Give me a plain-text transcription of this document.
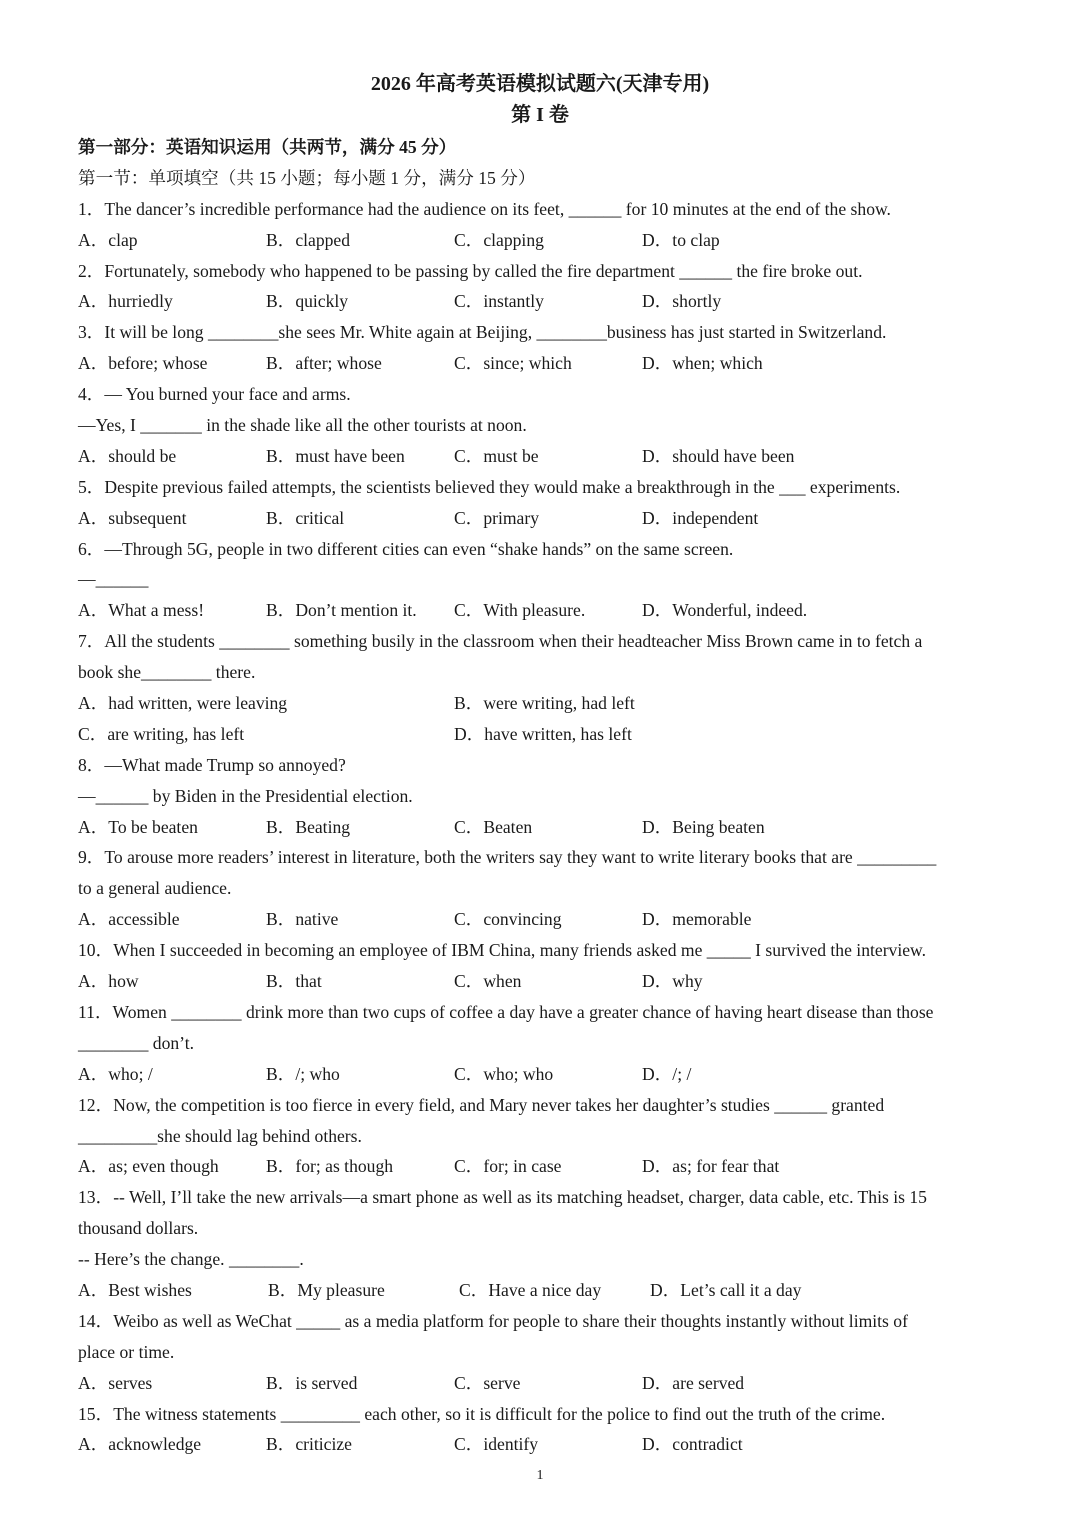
2026 年高考英语模拟试题六(天津专用)
第 I 卷
第一部分：英语知识运用（共两节，满分 45 分）
第一节：单项填空（共 15 小题；每小题 1 分，满分 15 分）
1．The dancer’s incredible performance had the audience on its feet, ______ for 10 minutes at the end of the show.
A．clap	B．clapped	C．clapping	D．to clap
2．Fortunately, somebody who happened to be passing by called the fire department ______ the fire broke out.
A．hurriedly	B．quickly	C．instantly	D．shortly
3．It will be long ________she sees Mr. White again at Beijing, ________business has just started in Switzerland.
A．before; whose	B．after; whose	C．since; which	D．when; which
4．— You burned your face and arms.
—Yes, I _______ in the shade like all the other tourists at noon.
A．should be	B．must have been	C．must be	D．should have been
5．Despite previous failed attempts, the scientists believed they would make a breakthrough in the ___ experiments.
A．subsequent	B．critical	C．primary	D．independent
6．—Through 5G, people in two different cities can even “shake hands” on the same screen.
—______
A．What a mess!	B．Don’t mention it.	C．With pleasure.	D．Wonderful, indeed.
7．All the students ________ something busily in the classroom when their headteacher Miss Brown came in to fetch a
book she________ there.
A．had written, were leaving	B．were writing, had left
C．are writing, has left	D．have written, has left
8．—What made Trump so annoyed?
—______ by Biden in the Presidential election.
A．To be beaten	B．Beating	C．Beaten	D．Being beaten
9．To arouse more readers’ interest in literature, both the writers say they want to write literary books that are _________
to a general audience.
A．accessible	B．native	C．convincing	D．memorable
10．When I succeeded in becoming an employee of IBM China, many friends asked me _____ I survived the interview.
A．how	B．that	C．when	D．why
11．Women ________ drink more than two cups of coffee a day have a greater chance of having heart disease than those
________ don’t.
A．who; /	B．/; who	C．who; who	D．/; /
12．Now, the competition is too fierce in every field, and Mary never takes her daughter’s studies ______ granted
_________she should lag behind others.
A．as; even though	B．for; as though	C．for; in case	D．as; for fear that
13．-- Well, I’ll take the new arrivals—a smart phone as well as its matching headset, charger, data cable, etc. This is 15
thousand dollars.
-- Here’s the change. ________.
A．Best wishes	B．My pleasure	C．Have a nice day	D．Let’s call it a day
14．Weibo as well as WeChat _____ as a media platform for people to share their thoughts instantly without limits of
place or time.
A．serves	B．is served	C．serve	D．are served
15．The witness statements _________ each other, so it is difficult for the police to find out the truth of the crime.
A．acknowledge	B．criticize	C．identify	D．contradict
1
